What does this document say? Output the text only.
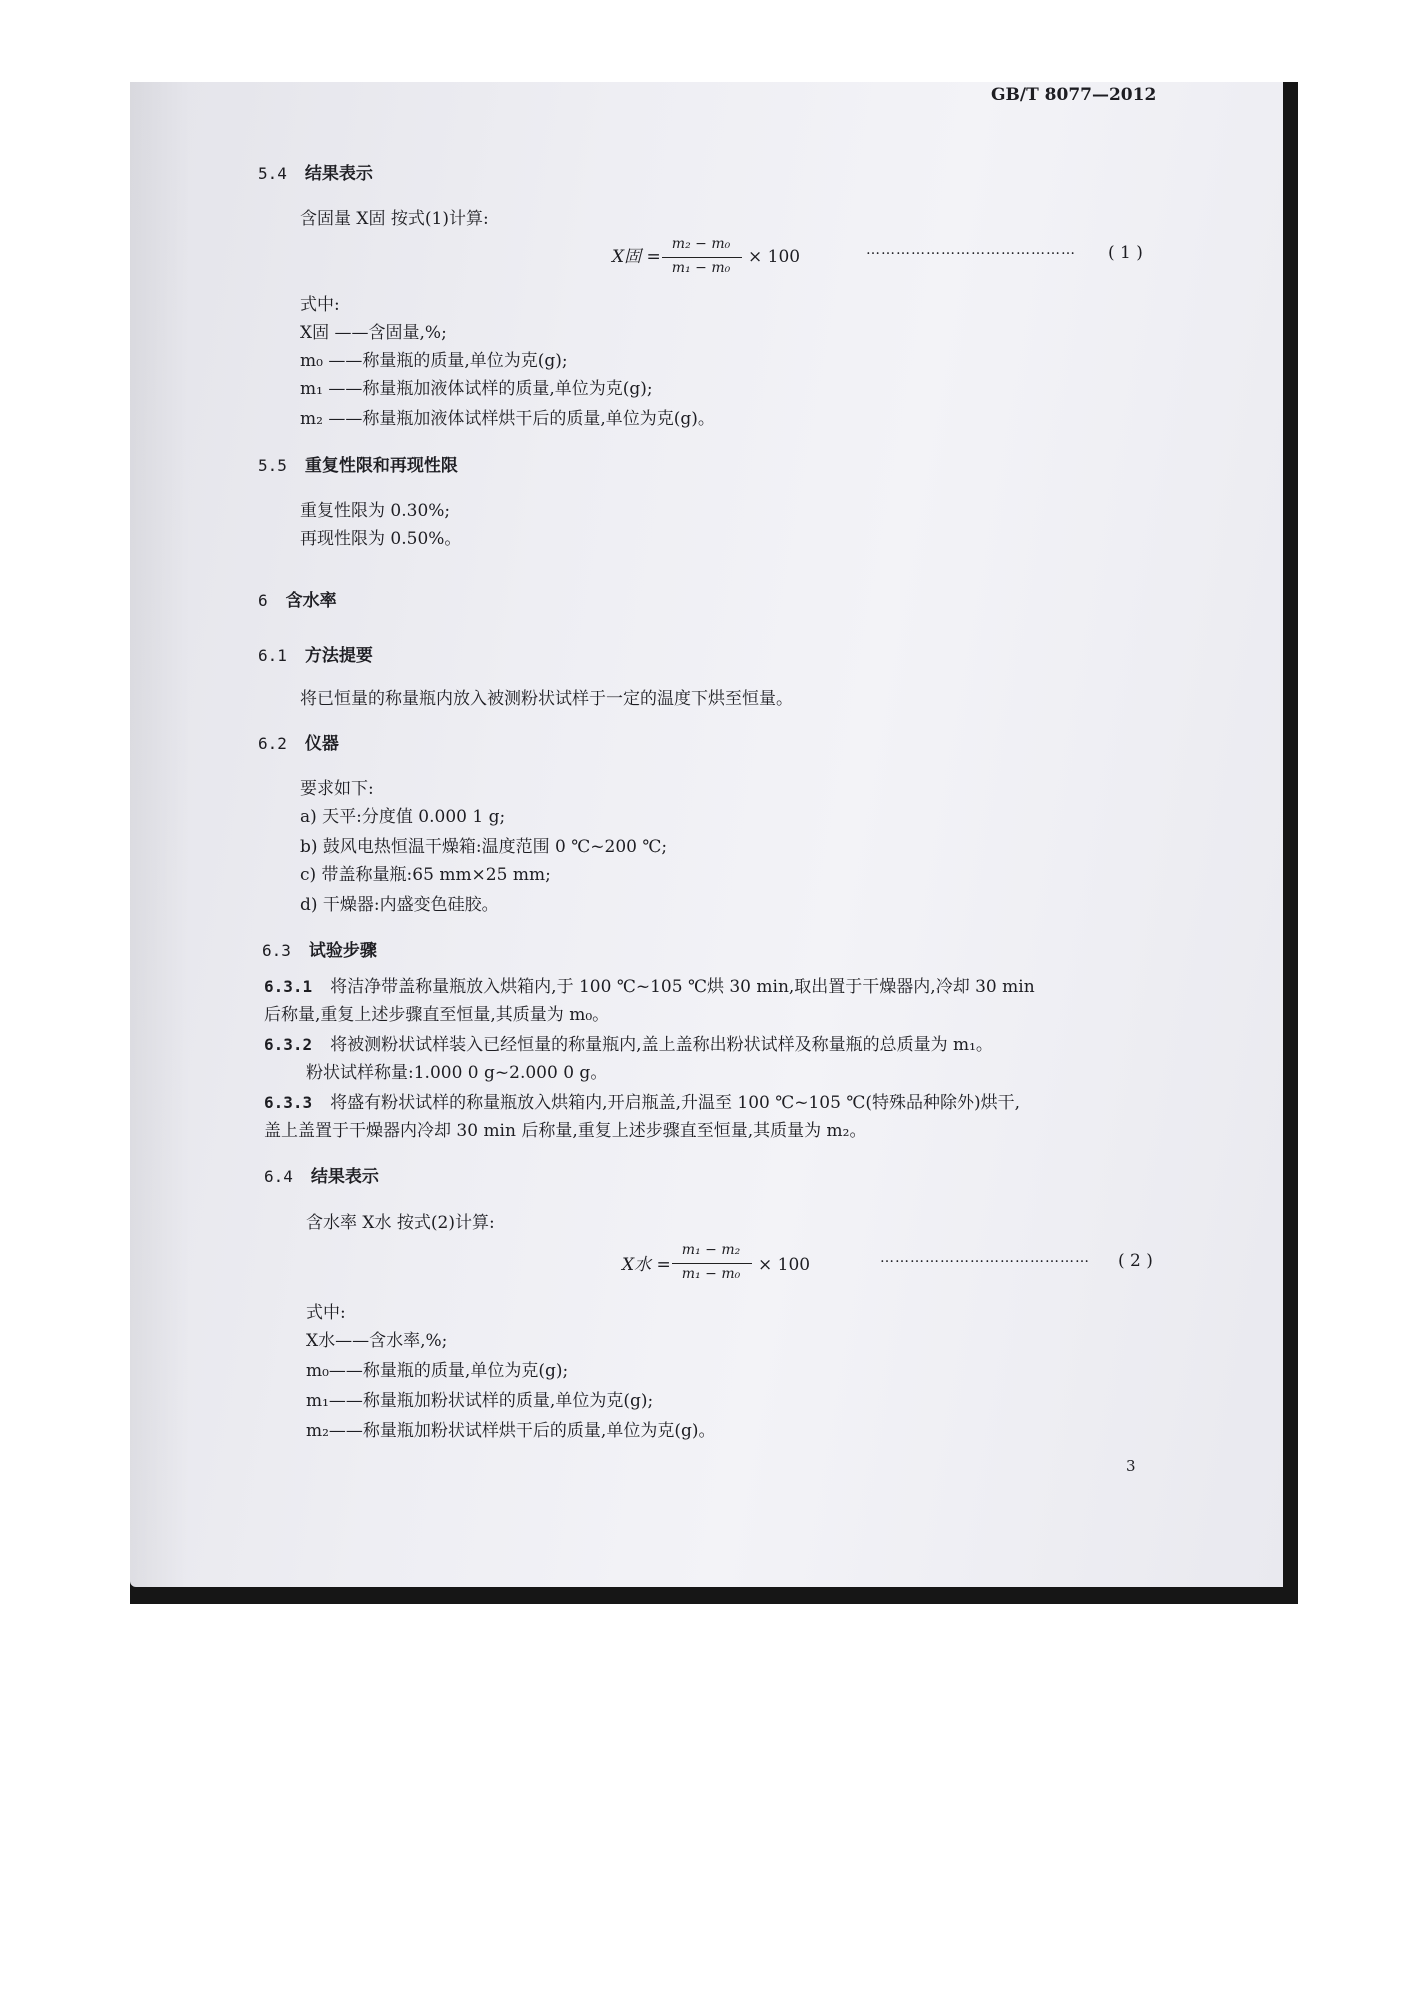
GB/T 8077—2012
5.4 结果表示
含固量 X固 按式(1)计算:
X固 =
m₂ − m₀
m₁ − m₀
× 100	…………………………………… ( 1 )
式中:
X固 ——含固量,%;
m₀ ——称量瓶的质量,单位为克(g);
m₁ ——称量瓶加液体试样的质量,单位为克(g);
m₂ ——称量瓶加液体试样烘干后的质量,单位为克(g)。
5.5 重复性限和再现性限
重复性限为 0.30%;
再现性限为 0.50%。
6 含水率
6.1 方法提要
将已恒量的称量瓶内放入被测粉状试样于一定的温度下烘至恒量。
6.2 仪器
要求如下:
a) 天平:分度值 0.000 1 g;
b) 鼓风电热恒温干燥箱:温度范围 0 ℃~200 ℃;
c) 带盖称量瓶:65 mm×25 mm;
d) 干燥器:内盛变色硅胶。
6.3 试验步骤
6.3.1 将洁净带盖称量瓶放入烘箱内,于 100 ℃~105 ℃烘 30 min,取出置于干燥器内,冷却 30 min
后称量,重复上述步骤直至恒量,其质量为 m₀。
6.3.2 将被测粉状试样装入已经恒量的称量瓶内,盖上盖称出粉状试样及称量瓶的总质量为 m₁。
粉状试样称量:1.000 0 g~2.000 0 g。
6.3.3 将盛有粉状试样的称量瓶放入烘箱内,开启瓶盖,升温至 100 ℃~105 ℃(特殊品种除外)烘干,
盖上盖置于干燥器内冷却 30 min 后称量,重复上述步骤直至恒量,其质量为 m₂。
6.4 结果表示
含水率 X水 按式(2)计算:
X水 =
m₁ − m₂
m₁ − m₀	× 100	…………………………………… ( 2 )
式中:
X水——含水率,%;
m₀——称量瓶的质量,单位为克(g);
m₁——称量瓶加粉状试样的质量,单位为克(g);
m₂——称量瓶加粉状试样烘干后的质量,单位为克(g)。
3
